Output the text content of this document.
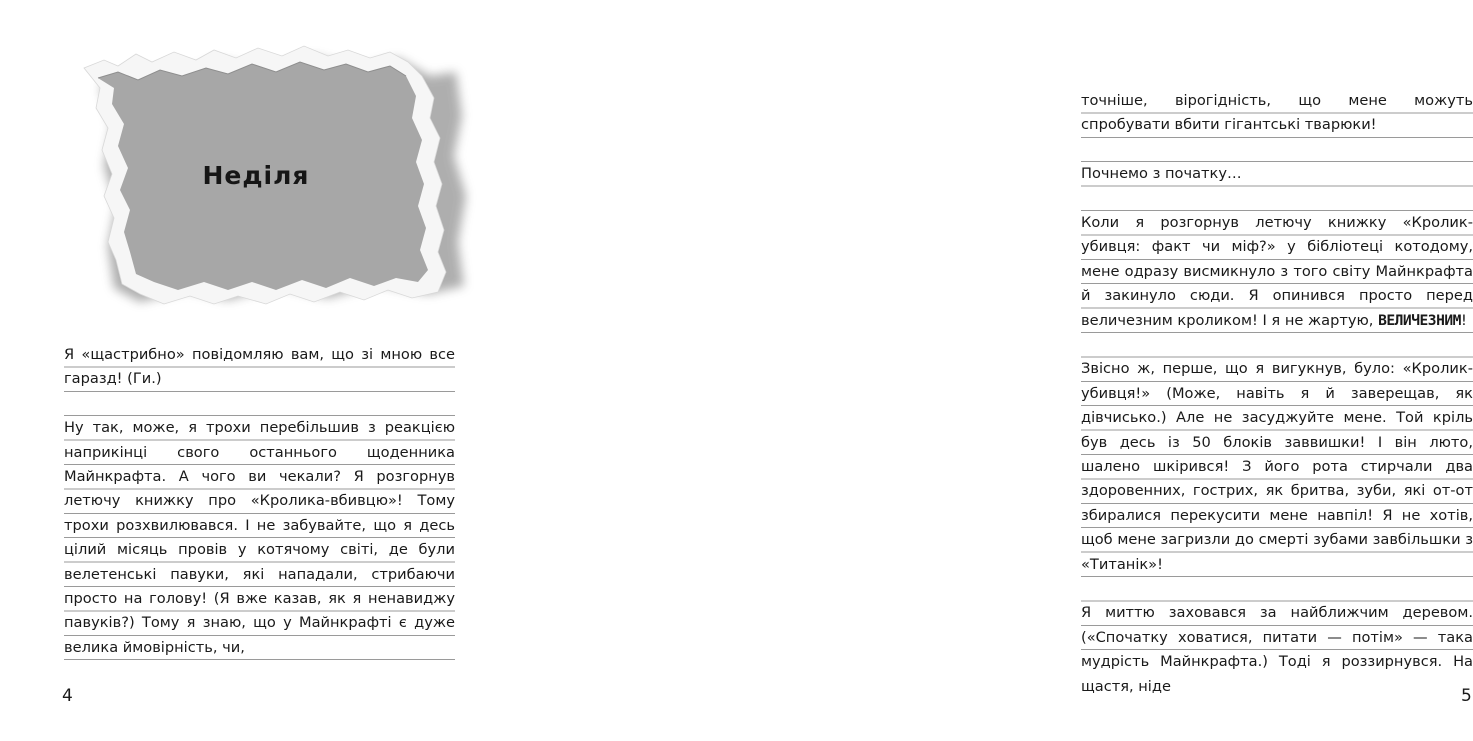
Неділя

Я «щастрибно» повідомляю вам, що зі мною все гаразд! (Ги.)

Ну так, може, я трохи перебільшив з реакцією наприкінці свого останнього щоденника Майнкрафта. А чого ви чекали? Я розгорнув летючу книжку про «Кролика-вбивцю»! Тому трохи розхвилювався. І не забувайте, що я десь цілий місяць провів у котячому світі, де були велетенські павуки, які нападали, стрибаючи просто на голову! (Я вже казав, як я ненавиджу павуків?) Тому я знаю, що у Майнкрафті є дуже велика ймовірність, чи,

4

точніше, вірогідність, що мене можуть спробувати вбити гігантські тварюки!

Почнемо з початку…

Коли я розгорнув летючу книжку «Кролик-убивця: факт чи міф?» у бібліотеці котодому, мене одразу висмикнуло з того світу Майнкрафта й закинуло сюди. Я опинився просто перед величезним кроликом! І я не жартую, ВЕЛИЧЕЗНИМ!

Звісно ж, перше, що я вигукнув, було: «Кролик-убивця!» (Може, навіть я й заверещав, як дівчисько.) Але не засуджуйте мене. Той кріль був десь із 50 блоків заввишки! І він люто, шалено шкірився! З його рота стирчали два здоровенних, гострих, як бритва, зуби, які от-от збиралися перекусити мене навпіл! Я не хотів, щоб мене загризли до смерті зубами завбільшки з «Титанік»!

Я миттю заховався за найближчим деревом. («Спочатку ховатися, питати — потім» — така мудрість Майнкрафта.) Тоді я роззирнувся. На щастя, ніде	5
